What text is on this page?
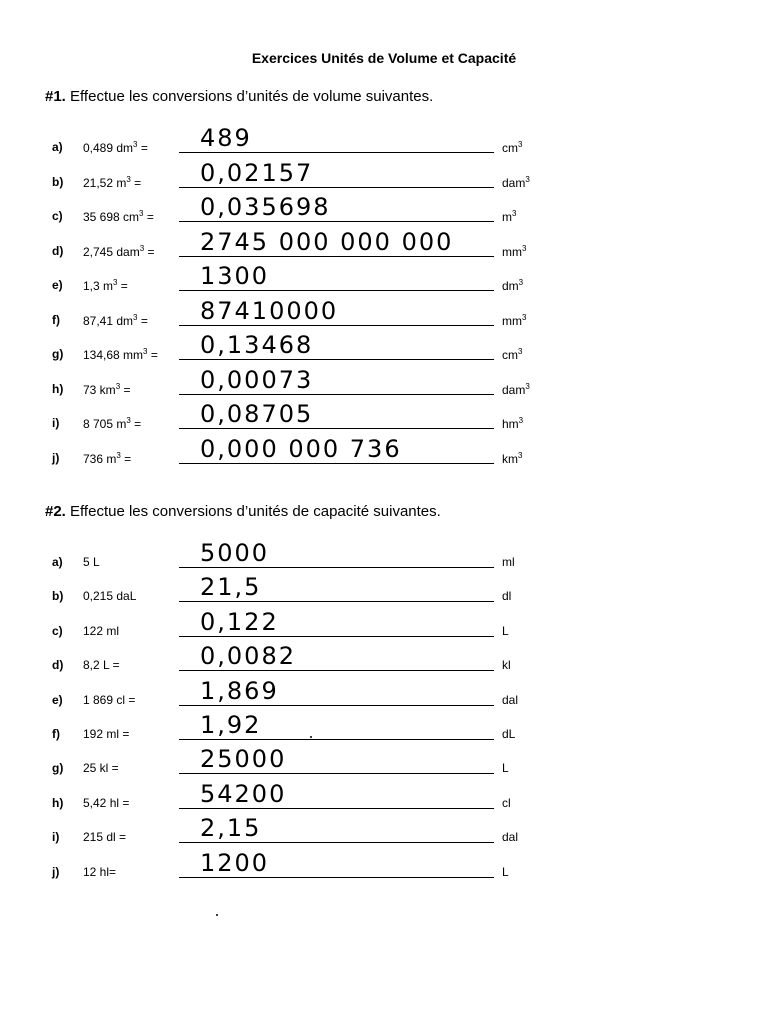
Exercices Unités de Volume et Capacité
#1. Effectue les conversions d’unités de volume suivantes.
a) 0,489 $dm^3 = 489$	$cm^3$
b) 21,52 $m^3 = 0,02157$	dam$^3$
c) 35 698 $cm^3 = 0,035698$	$m^3$
d) 2,745 dam$^3$ = 2745 000 000 000	$mm^3$
e) 1,3 $m^3$ =	1300	$dm^3$
f) 87,41 $dm^3 = 87410000$	$mm^3$
g) 134,68 $mm^3 = 0,13468$	$cm^3$
h) 73 $km^3$ =	0,00073	dam$^3$
i) 8 705 $m^3 = 0,08705$	$hm^3$
j) 736 $m^3$ =	0,000 000 736	$km^3$
#2. Effectue les conversions d’unités de capacité suivantes.
a) 5 L	5000	ml
b) 0,215 daL	21,5	dl
c) 122 ml	0,122	L
d) 8,2 L =	0,0082	kl
e) 1 869 cl =	1,869	dal
f) 192 ml =	1,92	dL
g) 25 kl =	25000	L
h) 5,42 hl =	54200	cl
i) 215 dl =	2,15	dal
j) 12 hl=	1200	L
